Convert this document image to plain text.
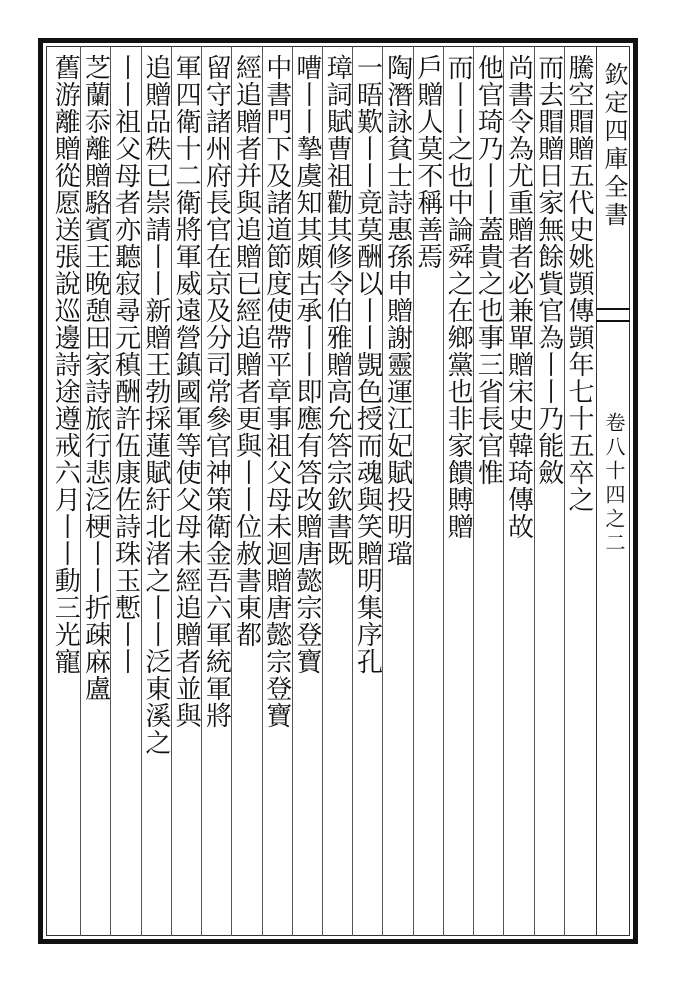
欽定四庫全書
卷八十四之二
騰空賵贈五代史姚顗傳顗年七十五卒之
而去賵贈日家無餘貲官為丨丨乃能斂
尚書令為尤重贈者必兼單贈宋史韓琦傳故
他官琦乃丨丨蓋貴之也事三省長官惟
而丨丨之也中論舜之在鄉黨也非家饋賻贈
戶贈人莫不稱善焉
陶潛詠貧士詩惠孫申贈謝靈運江妃賦投明璫
一晤歎丨丨竟莫酬以丨丨覬色授而魂與笑贈明集序孔
璋詞賦曹祖勸其修令伯雅贈高允答宗欽書既
嘈丨丨摯虞知其頗古承丨丨即應有答改贈唐懿宗登寶
中書門下及諸道節度使帶平章事祖父母未迴贈唐懿宗登寶
經追贈者并與追贈已經追贈者更與丨丨位赦書東都
留守諸州府長官在京及分司常參官神策衛金吾六軍統軍將
軍四衛十二衛將軍威遠營鎮國軍等使父母未經追贈者並與
追贈品秩已崇請丨丨新贈王勃採蓮賦紆北渚之丨丨泛東溪之
丨丨祖父母者亦聽寂尋元稹酬許伍康佐詩珠玉慙丨丨
芝蘭忝離贈駱賓王晚憩田家詩旅行悲泛梗丨丨折疎麻盧
舊游離贈從愿送張說巡邊詩途遵戒六月丨丨動三光寵
